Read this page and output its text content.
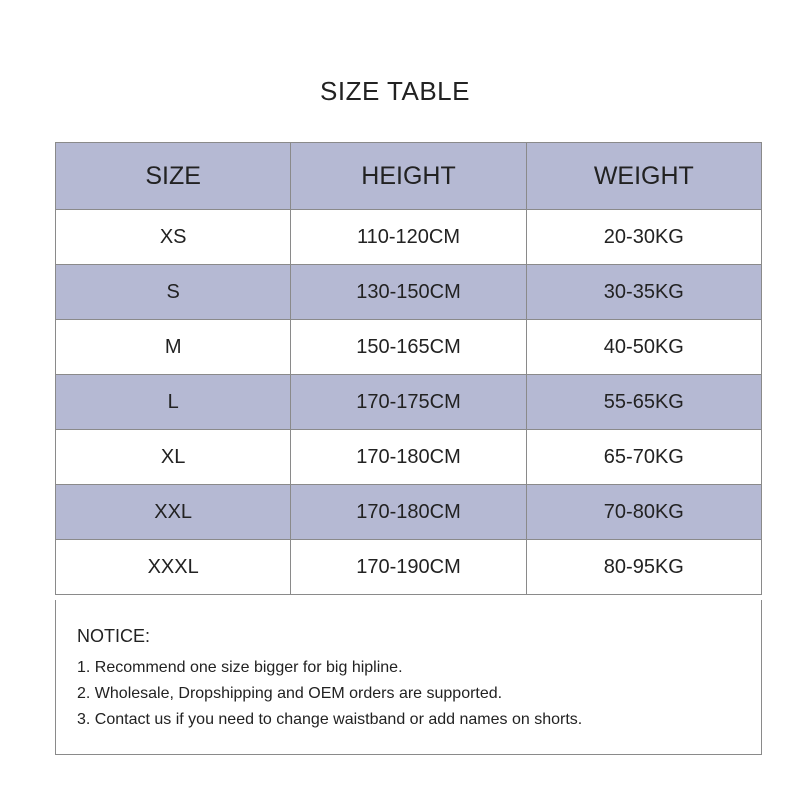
SIZE TABLE
SIZE	HEIGHT	WEIGHT
XS	110-120CM	20-30KG
S	130-150CM	30-35KG
M	150-165CM	40-50KG
L	170-175CM	55-65KG
XL	170-180CM	65-70KG
XXL	170-180CM	70-80KG
XXXL	170-190CM	80-95KG
NOTICE:
1. Recommend one size bigger for big hipline.
2. Wholesale, Dropshipping and OEM orders are supported.
3. Contact us if you need to change waistband or add names on shorts.
